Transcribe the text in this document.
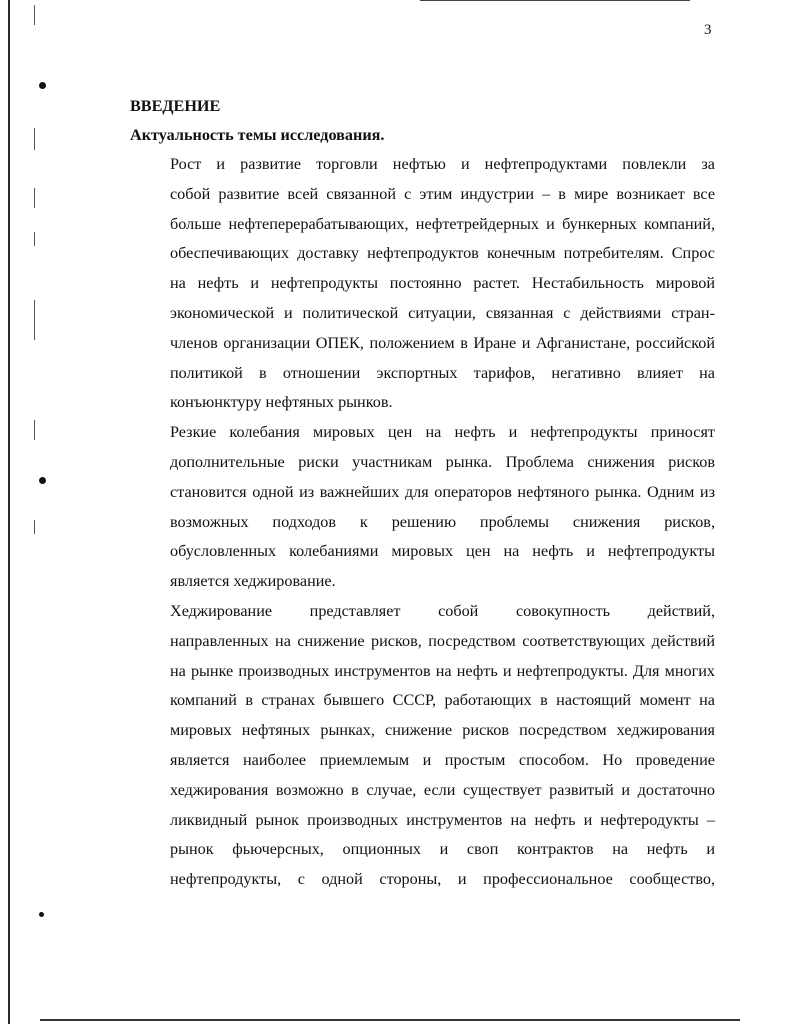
3

ВВЕДЕНИЕ

Актуальность темы исследования.

Рост и развитие торговли нефтью и нефтепродуктами повлекли за
собой развитие всей связанной с этим индустрии – в мире возникает все
больше нефтеперерабатывающих, нефтетрейдерных и бункерных компаний,
обеспечивающих доставку нефтепродуктов конечным потребителям. Спрос
на нефть и нефтепродукты постоянно растет. Нестабильность мировой
экономической и политической ситуации, связанная с действиями стран-
членов организации ОПЕК, положением в Иране и Афганистане, российской
политикой в отношении экспортных тарифов, негативно влияет на
конъюнктуру нефтяных рынков.

Резкие колебания мировых цен на нефть и нефтепродукты приносят
дополнительные риски участникам рынка. Проблема снижения рисков
становится одной из важнейших для операторов нефтяного рынка. Одним из
возможных подходов к решению проблемы снижения рисков,
обусловленных колебаниями мировых цен на нефть и нефтепродукты
является хеджирование.

Хеджирование представляет собой совокупность действий,
направленных на снижение рисков, посредством соответствующих действий
на рынке производных инструментов на нефть и нефтепродукты. Для многих
компаний в странах бывшего СССР, работающих в настоящий момент на
мировых нефтяных рынках, снижение рисков посредством хеджирования
является наиболее приемлемым и простым способом. Но проведение
хеджирования возможно в случае, если существует развитый и достаточно
ликвидный рынок производных инструментов на нефть и нефтеродукты –
рынок фьючерсных, опционных и своп контрактов на нефть и
нефтепродукты, с одной стороны, и профессиональное сообщество,
